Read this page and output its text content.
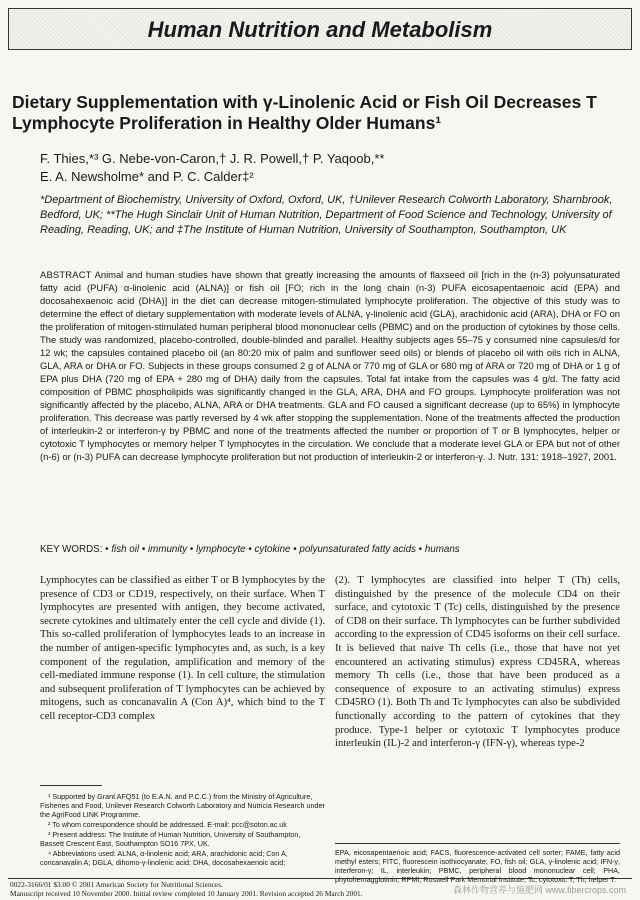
Human Nutrition and Metabolism
Dietary Supplementation with γ-Linolenic Acid or Fish Oil Decreases T Lymphocyte Proliferation in Healthy Older Humans¹
F. Thies,*³ G. Nebe-von-Caron,† J. R. Powell,† P. Yaqoob,**
E. A. Newsholme* and P. C. Calder‡²
*Department of Biochemistry, University of Oxford, Oxford, UK, †Unilever Research Colworth Laboratory, Sharnbrook, Bedford, UK; **The Hugh Sinclair Unit of Human Nutrition, Department of Food Science and Technology, University of Reading, Reading, UK; and ‡The Institute of Human Nutrition, University of Southampton, Southampton, UK
ABSTRACT Animal and human studies have shown that greatly increasing the amounts of flaxseed oil [rich in the (n-3) polyunsaturated fatty acid (PUFA) α-linolenic acid (ALNA)] or fish oil [FO; rich in the long chain (n-3) PUFA eicosapentaenoic acid (EPA) and docosahexaenoic acid (DHA)] in the diet can decrease mitogen-stimulated lymphocyte proliferation. The objective of this study was to determine the effect of dietary supplementation with moderate levels of ALNA, γ-linolenic acid (GLA), arachidonic acid (ARA), DHA or FO on the proliferation of mitogen-stimulated human peripheral blood mononuclear cells (PBMC) and on the production of cytokines by those cells. The study was randomized, placebo-controlled, double-blinded and parallel. Healthy subjects ages 55–75 y consumed nine capsules/d for 12 wk; the capsules contained placebo oil (an 80:20 mix of palm and sunflower seed oils) or blends of placebo oil with oils rich in ALNA, GLA, ARA or DHA or FO. Subjects in these groups consumed 2 g of ALNA or 770 mg of GLA or 680 mg of ARA or 720 mg of DHA or 1 g of EPA plus DHA (720 mg of EPA + 280 mg of DHA) daily from the capsules. Total fat intake from the capsules was 4 g/d. The fatty acid composition of PBMC phospholipids was significantly changed in the GLA, ARA, DHA and FO groups. Lymphocyte proliferation was not significantly affected by the placebo, ALNA, ARA or DHA treatments. GLA and FO caused a significant decrease (up to 65%) in lymphocyte proliferation. This decrease was partly reversed by 4 wk after stopping the supplementation. None of the treatments affected the production of interleukin-2 or interferon-γ by PBMC and none of the treatments affected the number or proportion of T or B lymphocytes, helper or cytotoxic T lymphocytes or memory helper T lymphocytes in the circulation. We conclude that a moderate level GLA or EPA but not of other (n-6) or (n-3) PUFA can decrease lymphocyte proliferation but not production of interleukin-2 or interferon-γ. J. Nutr. 131: 1918–1927, 2001.
KEY WORDS: • fish oil • immunity • lymphocyte • cytokine • polyunsaturated fatty acids • humans
Lymphocytes can be classified as either T or B lymphocytes by the presence of CD3 or CD19, respectively, on their surface. When T lymphocytes are presented with antigen, they become activated, secrete cytokines and ultimately enter the cell cycle and divide (1). This so-called proliferation of lymphocytes leads to an increase in the number of antigen-specific lymphocytes and, as such, is a key component of the regulation, amplification and memory of the cell-mediated immune response (1). In cell culture, the stimulation and subsequent proliferation of T lymphocytes can be achieved by mitogens, such as concanavalin A (Con A)⁴, which bind to the T cell receptor-CD3 complex
(2). T lymphocytes are classified into helper T (Th) cells, distinguished by the presence of the molecule CD4 on their surface, and cytotoxic T (Tc) cells, distinguished by the presence of CD8 on their surface. Th lymphocytes can be further subdivided according to the expression of CD45 isoforms on their cell surface. It is believed that naive Th cells (i.e., those that have not yet encountered an activating stimulus) express CD45RA, whereas memory Th cells (i.e., those that have been produced as a consequence of exposure to an activating stimulus) express CD45RO (1). Both Th and Tc lymphocytes can also be subdivided functionally according to the pattern of cytokines that they produce. Type-1 helper or cytotoxic T lymphocytes produce interleukin (IL)-2 and interferon-γ (IFN-γ), whereas type-2

¹ Supported by Grant AFQ51 (to E.A.N. and P.C.C.) from the Ministry of Agriculture, Fisheries and Food, Unilever Research Colworth Laboratory and Nutricia Research under the AgriFood LINK Programme.

² To whom correspondence should be addressed. E-mail: pcc@soton.ac.uk

³ Present address: The Institute of Human Nutrition, University of Southampton, Bassett Crescent East, Southampton SO16 7PX, UK.

⁴ Abbreviations used: ALNA, α-linolenic acid; ARA, arachidonic acid; Con A, concanavalin A; DGLA, dihomo-γ-linolenic acid; DHA, docosahexaenoic acid;

EPA, eicosapentaenoic acid; FACS, fluorescence-activated cell sorter; FAME, fatty acid methyl esters; FITC, fluorescein isothiocyanate; FO, fish oil; GLA, γ-linolenic acid; IFN-γ, interferon-γ; IL, interleukin; PBMC, peripheral blood mononuclear cell; PHA, phytohemagglutinin; RPMI, Roswell Park Memorial Institute; Tc, cytotoxic T; Th, helper T.
0022-3166/01 $3.00 © 2001 American Society for Nutritional Sciences.
Manuscript received 10 November 2000. Initial review completed 10 January 2001. Revision accepted 26 March 2001.	森林作物营养与施肥网 www.fibercrops.com
